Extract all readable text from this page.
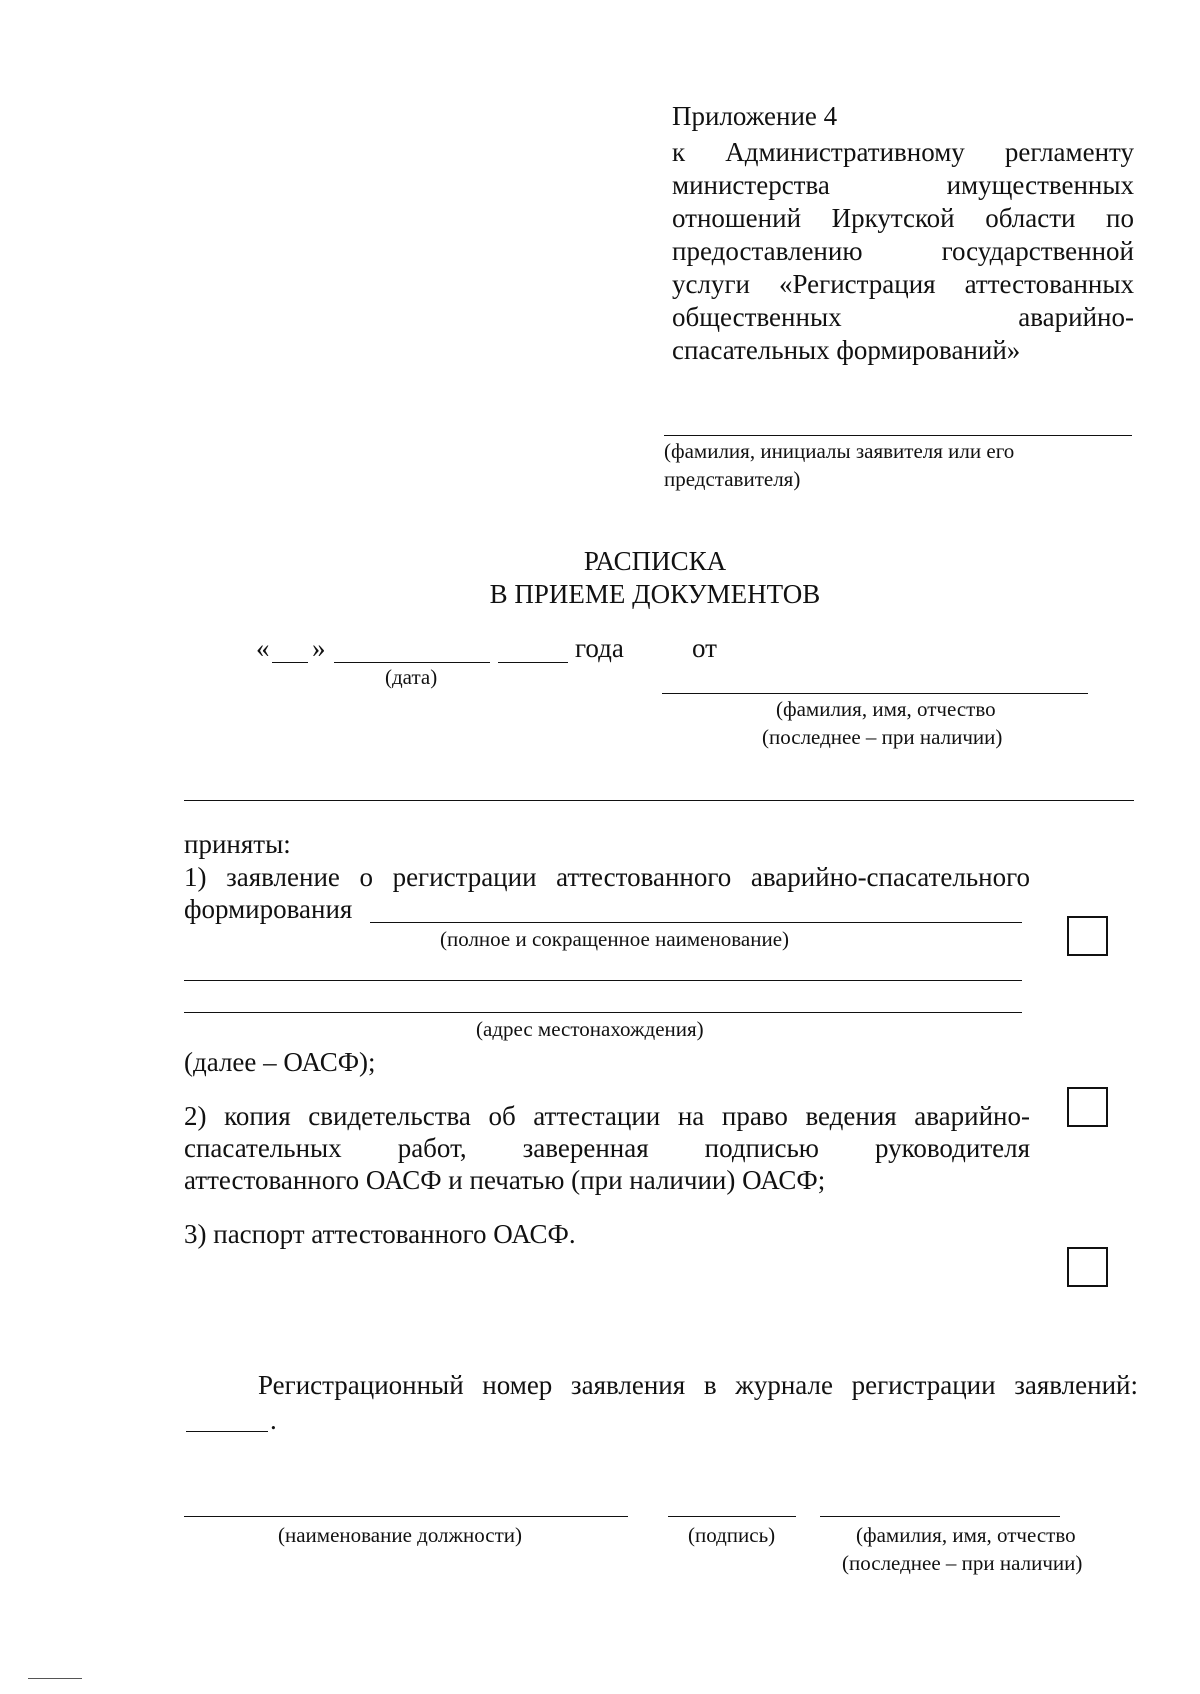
Приложение 4
к Административному регламенту
министерства имущественных
отношений Иркутской области по
предоставлению государственной
услуги «Регистрация аттестованных
общественных аварийно-
спасательных формирований»
(фамилия, инициалы заявителя или его
представителя)
РАСПИСКА
В ПРИЕМЕ ДОКУМЕНТОВ
« »	года	от
(дата)
(фамилия, имя, отчество
(последнее – при наличии)
приняты:
1) заявление о регистрации аттестованного аварийно-спасательного
формирования
(полное и сокращенное наименование)
(адрес местонахождения)
(далее – ОАСФ);
2) копия свидетельства об аттестации на право ведения аварийно-
спасательных работ, заверенная подписью руководителя
аттестованного ОАСФ и печатью (при наличии) ОАСФ;
3) паспорт аттестованного ОАСФ.
Регистрационный номер заявления в журнале регистрации заявлений:
.
(наименование должности)	(подпись)	(фамилия, имя, отчество
(последнее – при наличии)
